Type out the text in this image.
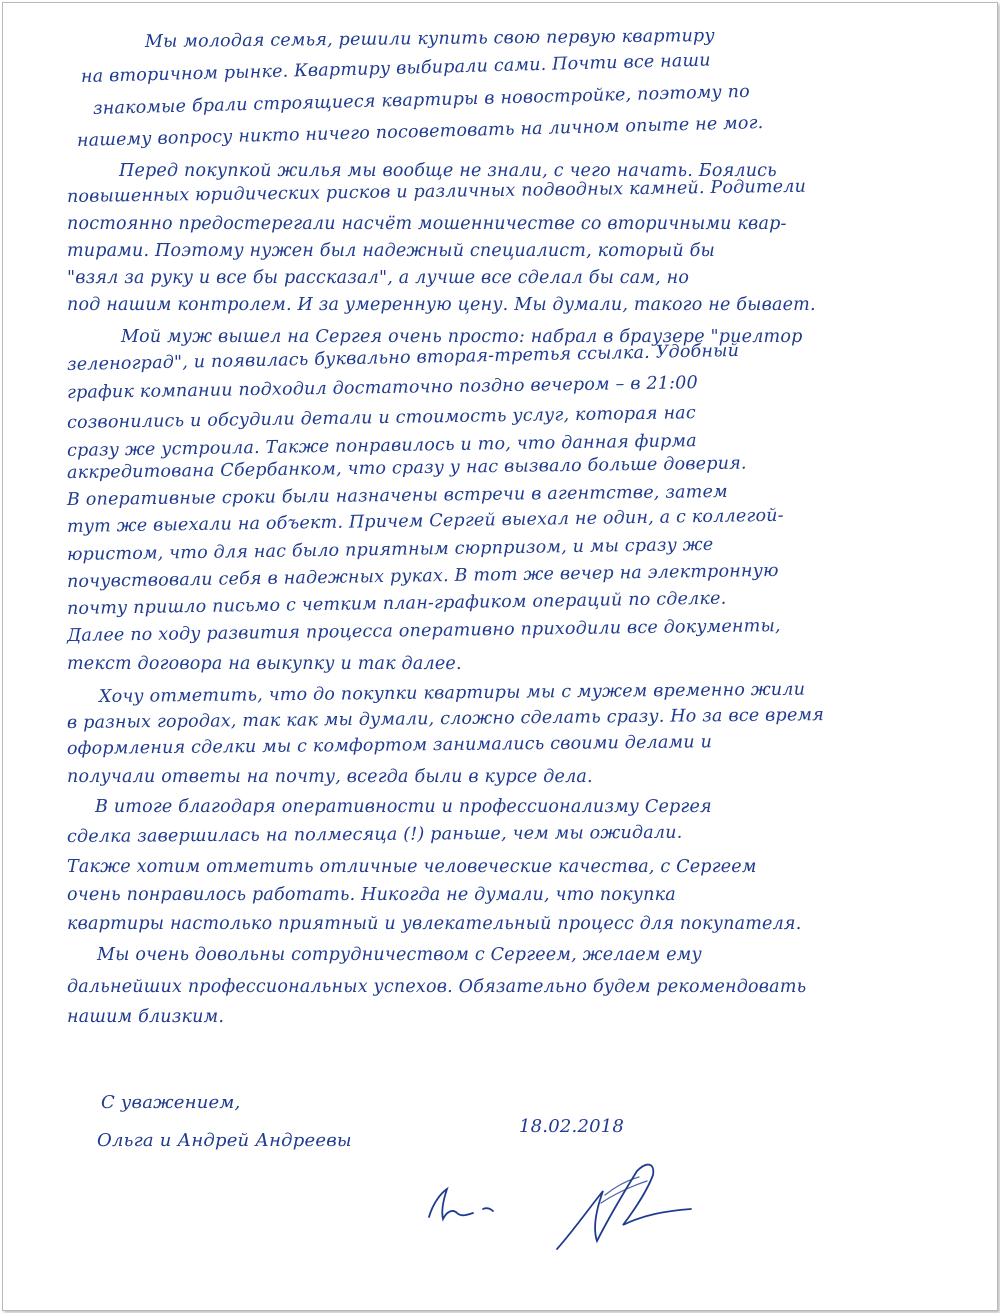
Мы молодая семья, решили купить свою первую квартиру

на вторичном рынке. Квартиру выбирали сами. Почти все наши

знакомые брали строящиеся квартиры в новостройке, поэтому по

нашему вопросу никто ничего посоветовать на личном опыте не мог.

Перед покупкой жилья мы вообще не знали, с чего начать. Боялись

повышенных юридических рисков и различных подводных камней. Родители

постоянно предостерегали насчёт мошенничестве со вторичными квар-

тирами. Поэтому нужен был надежный специалист, который бы

"взял за руку и все бы рассказал", а лучше все сделал бы сам, но

под нашим контролем. И за умеренную цену. Мы думали, такого не бывает.

Мой муж вышел на Сергея очень просто: набрал в браузере "риелтор

зеленоград", и появилась буквально вторая-третья ссылка. Удобный

график компании подходил достаточно поздно вечером – в 21:00

созвонились и обсудили детали и стоимость услуг, которая нас

сразу же устроила. Также понравилось и то, что данная фирма

аккредитована Сбербанком, что сразу у нас вызвало больше доверия.

В оперативные сроки были назначены встречи в агентстве, затем

тут же выехали на объект. Причем Сергей выехал не один, а с коллегой-

юристом, что для нас было приятным сюрпризом, и мы сразу же

почувствовали себя в надежных руках. В тот же вечер на электронную

почту пришло письмо с четким план-графиком операций по сделке.

Далее по ходу развития процесса оперативно приходили все документы,

текст договора на выкупку и так далее.

Хочу отметить, что до покупки квартиры мы с мужем временно жили

в разных городах, так как мы думали, сложно сделать сразу. Но за все время

оформления сделки мы с комфортом занимались своими делами и

получали ответы на почту, всегда были в курсе дела.

В итоге благодаря оперативности и профессионализму Сергея

сделка завершилась на полмесяца (!) раньше, чем мы ожидали.

Также хотим отметить отличные человеческие качества, с Сергеем

очень понравилось работать. Никогда не думали, что покупка

квартиры настолько приятный и увлекательный процесс для покупателя.

Мы очень довольны сотрудничеством с Сергеем, желаем ему

дальнейших профессиональных успехов. Обязательно будем рекомендовать

нашим близким.

С уважением,

Ольга и Андрей Андреевы

18.02.2018
